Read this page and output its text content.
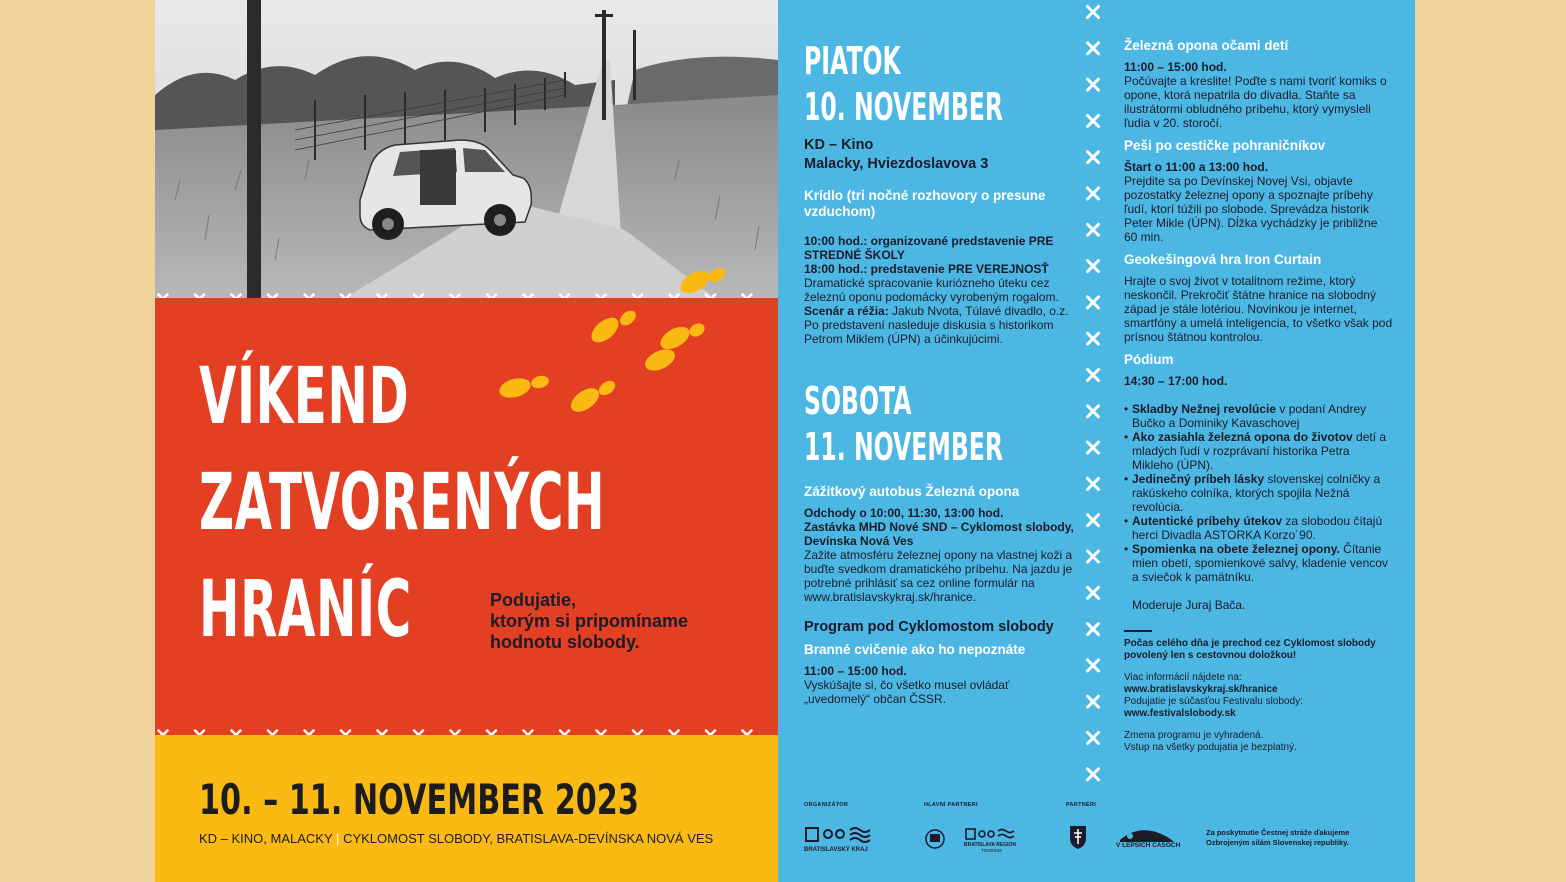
VÍKEND
ZATVORENÝCH
HRANÍC	Podujatie,
ktorým si pripomíname
hodnotu slobody.
10. – 11. NOVEMBER 2023
KD – KINO, MALACKY | CYKLOMOST SLOBODY, BRATISLAVA-DEVÍNSKA NOVÁ VES
PIATOK
10. NOVEMBER
KD – Kino
Malacky, Hviezdoslavova 3
Krídlo (tri nočné rozhovory o presune vzduchom)
10:00 hod.: organizované predstavenie PRE STREDNÉ ŠKOLY
18:00 hod.: predstavenie PRE VEREJNOSŤ
Dramatické spracovanie kuriózneho úteku cez železnú oponu podomácky vyrobeným rogalom.
Scenár a réžia: Jakub Nvota, Túlavé divadlo, o.z. Po predstavení nasleduje diskusia s historikom Petrom Miklem (ÚPN) a účinkujúcimi.
SOBOTA
11. NOVEMBER
Zážitkový autobus Železná opona
Odchody o 10:00, 11:30, 13:00 hod.
Zastávka MHD Nové SND – Cyklomost slobody, Devínska Nová Ves
Zažite atmosféru železnej opony na vlastnej koži a buďte svedkom dramatického príbehu. Na jazdu je potrebné prihlásiť sa cez online formulár na www.bratislavskykraj.sk/hranice.
Program pod Cyklomostom slobody
Branné cvičenie ako ho nepoznáte
11:00 – 15:00 hod.
Vyskúšajte si, čo všetko musel ovládať „uvedomelý“ občan ČSSR.
Železná opona očami detí
11:00 – 15:00 hod.
Počúvajte a kreslite! Poďte s nami tvoriť komiks o opone, ktorá nepatrila do divadla. Staňte sa ilustrátormi obludného príbehu, ktorý vymysleli ľudia v 20. storočí.
Peši po cestičke pohraničníkov
Štart o 11:00 a 13:00 hod.
Prejdite sa po Devínskej Novej Vsi, objavte pozostatky železnej opony a spoznajte príbehy ľudí, ktorí túžili po slobode. Sprevádza historik Peter Mikle (ÚPN). Dĺžka vychádzky je približne 60 min.
Geokešingová hra Iron Curtain
Hrajte o svoj život v totalitnom režime, ktorý neskončil. Prekročiť štátne hranice na slobodný západ je stále lotériou. Novinkou je internet, smartfóny a umelá inteligencia, to všetko však pod prísnou štátnou kontrolou.
Pódium
14:30 – 17:00 hod.
• Skladby Nežnej revolúcie v podaní Andrey Bučko a Dominiky Kavaschovej
• Ako zasiahla železná opona do životov detí a mladých ľudí v rozprávaní historika Petra Mikleho (ÚPN).
• Jedinečný príbeh lásky slovenskej colníčky a rakúskeho colníka, ktorých spojila Nežná revolúcia.
• Autentické príbehy útekov za slobodou čítajú herci Divadla ASTORKA Korzo´90.
• Spomienka na obete železnej opony. Čítanie mien obetí, spomienkové salvy, kladenie vencov a sviečok k pamätníku.
Moderuje Juraj Bača.
Počas celého dňa je prechod cez Cyklomost slobody povolený len s cestovnou doložkou!
Viac informácií nájdete na:
www.bratislavskykraj.sk/hranice
Podujatie je súčasťou Festivalu slobody:
www.festivalslobody.sk
Zmena programu je vyhradená.
Vstup na všetky podujatia je bezplatný.
ORGANIZÁTOR	HLAVNÍ PARTNERI	PARTNERI
BRATISLAVSKÝ KRAJ
BRATISLAVA REGION
TOURISM
V LEPŠÍCH ČASOCH
Za poskytnutie Čestnej stráže ďakujeme Ozbrojeným silám Slovenskej republiky.
